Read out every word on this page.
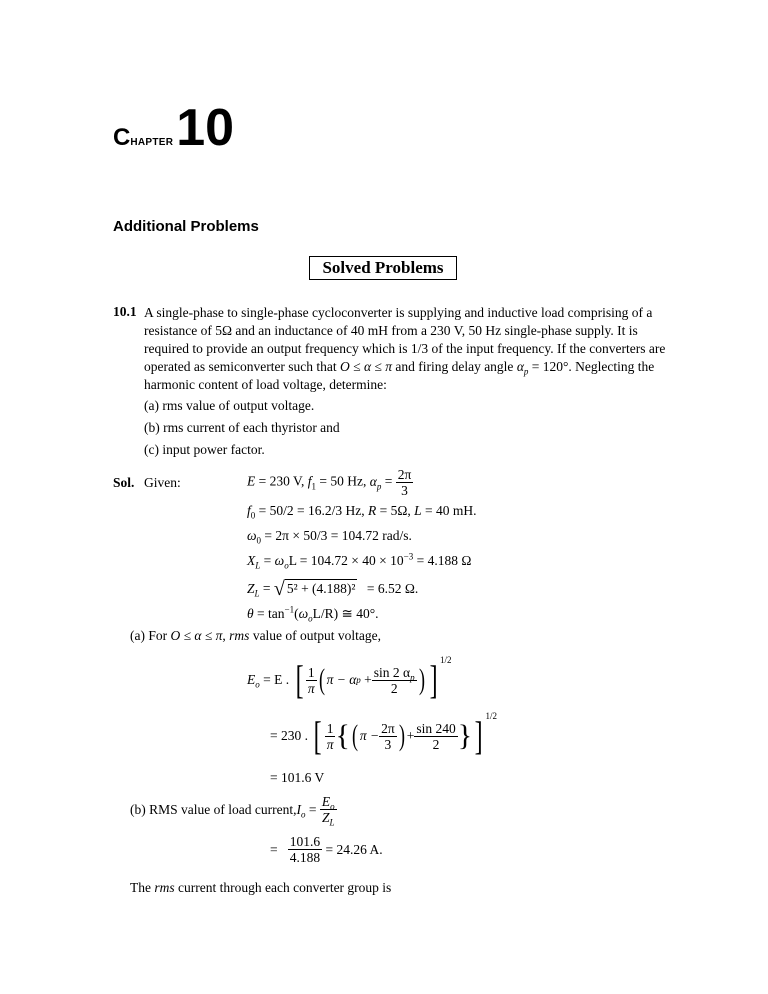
CHAPTER10
Additional Problems
Solved Problems
10.1 A single-phase to single-phase cycloconverter is supplying and inductive load comprising of a
resistance of 5Ω and an inductance of 40 mH from a 230 V, 50 Hz single-phase supply. It is
required to provide an output frequency which is 1/3 of the input frequency. If the converters are
operated as semiconverter such that O ≤ α ≤ π and firing delay angle $\alpha_p = 120^\circ$. Neglecting the
harmonic content of load voltage, determine:
(a) rms value of output voltage.
(b) rms current of each thyristor and
(c) input power factor.
Sol. Given:	E = 230 V, $f_1 = 50$ Hz, $\alpha_p = \frac{2\pi}{3}$
$f_0 = 50/2 = 16.2/3$ Hz, R = 5Ω, L = 40 mH.
$\omega_0 = 2\pi \times 50/3 = 104.72$ rad/s.
$X_L = \omega_oL = 104.72 \times 40 \times 10^{-3} = 4.188$ Ω
$Z_L$ = √ 5² + (4.188)² = 6.52 Ω.
$\theta = \tan^{-1}(\omega_oL/R)$ ≅ 40°.
(a) For O ≤ α ≤ π, rms value of output voltage,
$E_o = E$ .
[ $\frac{1}{\pi}$ ( π − α $p + \frac{\sin 2 \alpha_p}{2}$ ) ] 1/2
= 230 .
[ $\frac{1}{\pi}$ { ( $\pi - \frac{2\pi}{3}$ ) + $\frac{\sin 240}{2}$ } ] 1/2
= 101.6 V
(b) RMS value of load current, $I_o$
=
$\frac{E_o}{Z_L}$
= $\frac{101.6}{4.188}$
= 24.26 A.
The rms current through each converter group is
